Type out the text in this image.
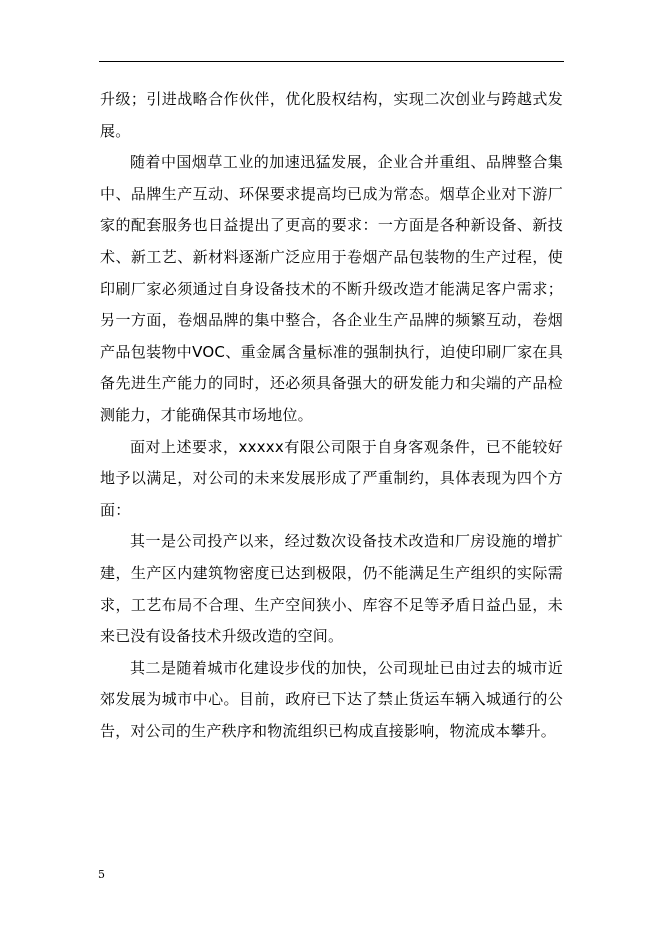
升级；引进战略合作伙伴，优化股权结构，实现二次创业与跨越式发展。

随着中国烟草工业的加速迅猛发展，企业合并重组、品牌整合集中、品牌生产互动、环保要求提高均已成为常态。烟草企业对下游厂家的配套服务也日益提出了更高的要求：一方面是各种新设备、新技术、新工艺、新材料逐渐广泛应用于卷烟产品包装物的生产过程，使印刷厂家必须通过自身设备技术的不断升级改造才能满足客户需求；另一方面，卷烟品牌的集中整合，各企业生产品牌的频繁互动，卷烟产品包装物中VOC、重金属含量标准的强制执行，迫使印刷厂家在具备先进生产能力的同时，还必须具备强大的研发能力和尖端的产品检测能力，才能确保其市场地位。

面对上述要求，xxxxx有限公司限于自身客观条件，已不能较好地予以满足，对公司的未来发展形成了严重制约，具体表现为四个方面：

其一是公司投产以来，经过数次设备技术改造和厂房设施的增扩建，生产区内建筑物密度已达到极限，仍不能满足生产组织的实际需求，工艺布局不合理、生产空间狭小、库容不足等矛盾日益凸显，未来已没有设备技术升级改造的空间。

其二是随着城市化建设步伐的加快，公司现址已由过去的城市近郊发展为城市中心。目前，政府已下达了禁止货运车辆入城通行的公告，对公司的生产秩序和物流组织已构成直接影响，物流成本攀升。

5
